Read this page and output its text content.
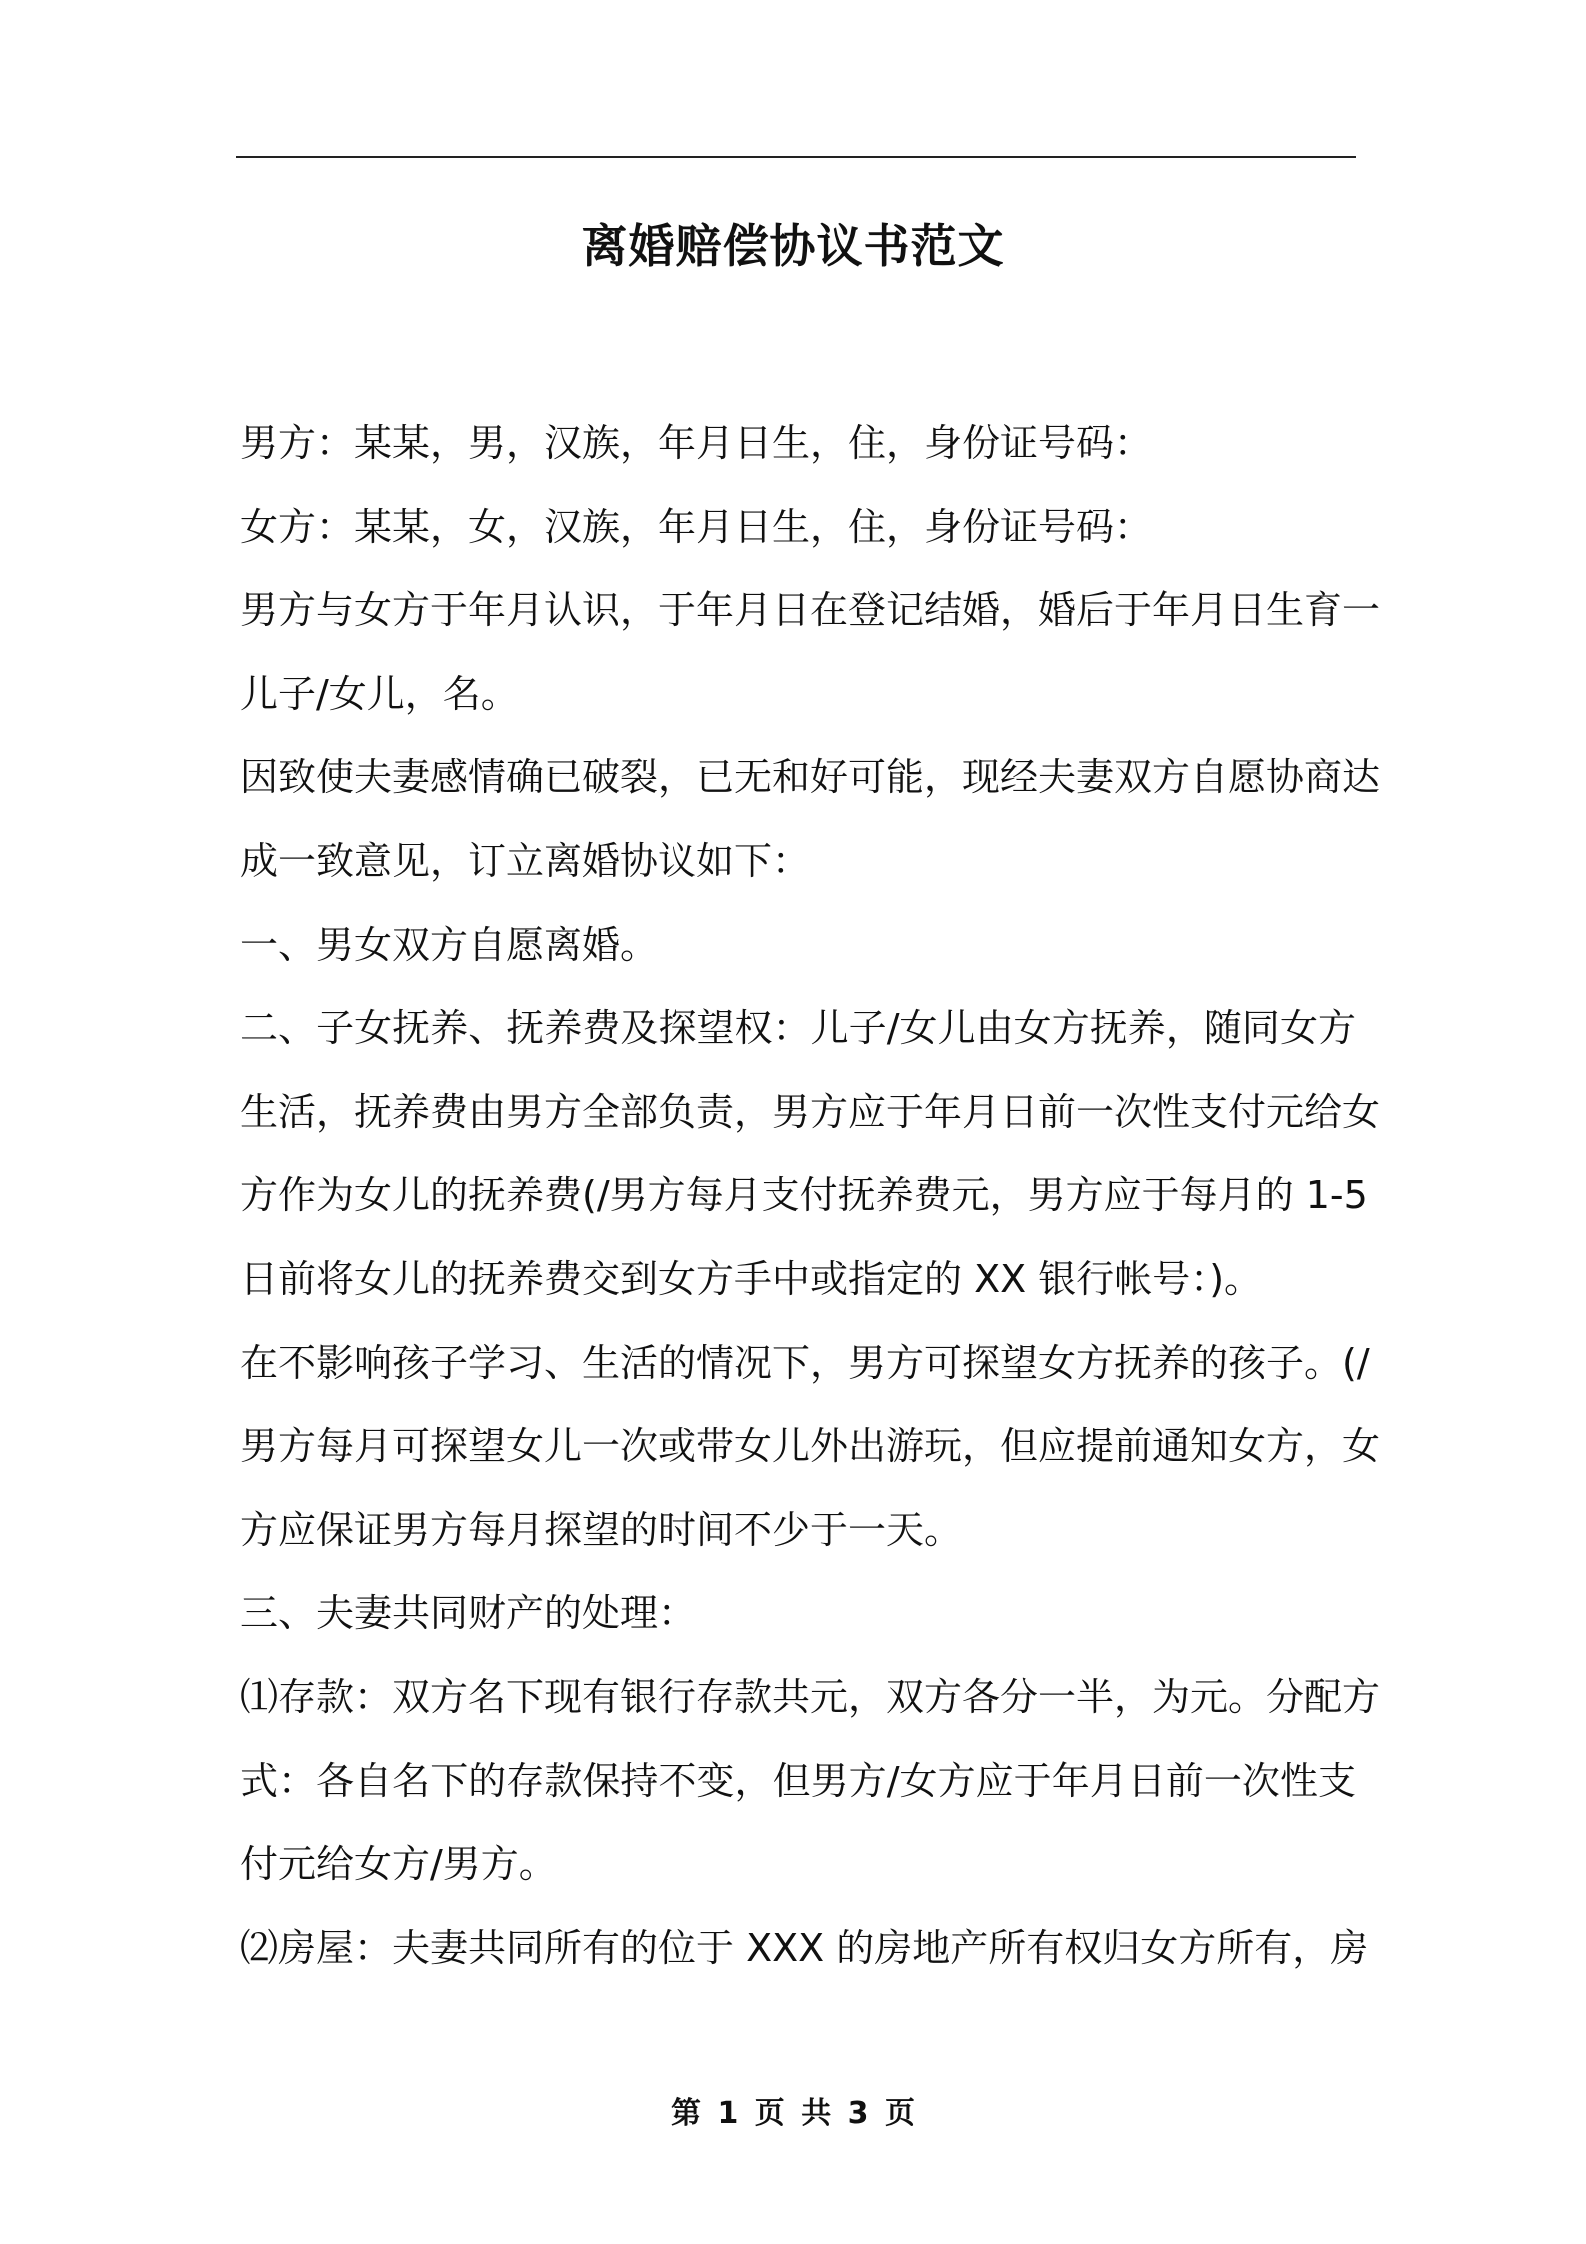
离婚赔偿协议书范文
男方：某某，男，汉族，年月日生，住，身份证号码：
女方：某某，女，汉族，年月日生，住，身份证号码：
男方与女方于年月认识，于年月日在登记结婚，婚后于年月日生育一
儿子/女儿，名。
因致使夫妻感情确已破裂，已无和好可能，现经夫妻双方自愿协商达
成一致意见，订立离婚协议如下：
一、男女双方自愿离婚。
二、子女抚养、抚养费及探望权：儿子/女儿由女方抚养，随同女方
生活，抚养费由男方全部负责，男方应于年月日前一次性支付元给女
方作为女儿的抚养费(/男方每月支付抚养费元，男方应于每月的 1-5
日前将女儿的抚养费交到女方手中或指定的 XX 银行帐号：)。
在不影响孩子学习、生活的情况下，男方可探望女方抚养的孩子。(/
男方每月可探望女儿一次或带女儿外出游玩，但应提前通知女方，女
方应保证男方每月探望的时间不少于一天。
三、夫妻共同财产的处理：
⑴存款：双方名下现有银行存款共元，双方各分一半，为元。分配方
式：各自名下的存款保持不变，但男方/女方应于年月日前一次性支
付元给女方/男方。
⑵房屋：夫妻共同所有的位于 XXX 的房地产所有权归女方所有，房
第 1 页 共 3 页
